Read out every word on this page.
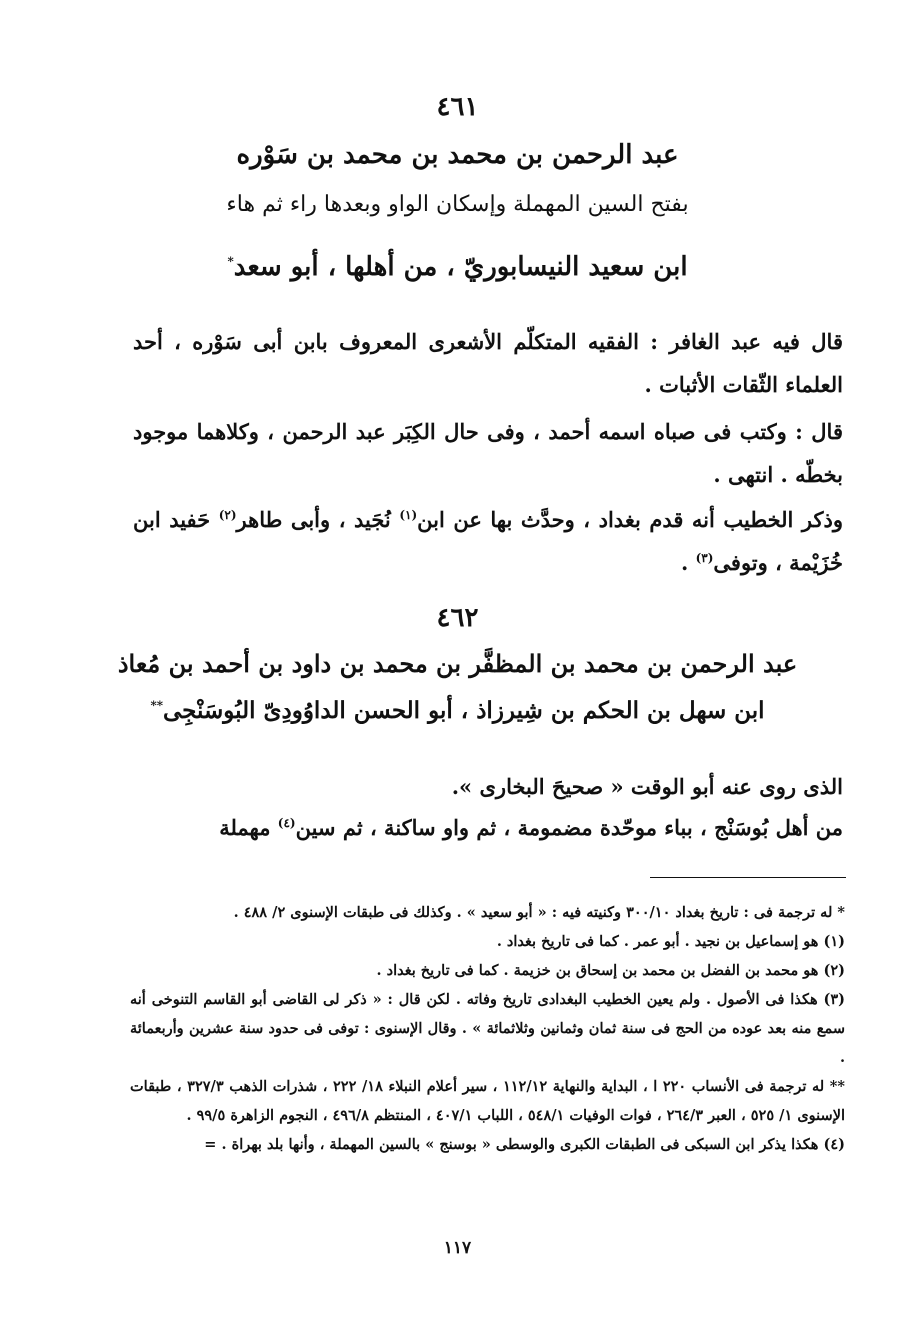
٤٦١
عبد الرحمن بن محمد بن محمد بن سَوْره
بفتح السين المهملة وإسكان الواو وبعدها راء ثم هاء
ابن سعيد النيسابوريّ ، من أهلها ، أبو سعد*
قال فيه عبد الغافر : الفقيه المتكلّم الأشعرى المعروف بابن أبى سَوْره ، أحد العلماء الثّقات الأثبات .
قال : وكتب فى صباه اسمه أحمد ، وفى حال الكِبَر عبد الرحمن ، وكلاهما موجود بخطّه . انتهى .
وذكر الخطيب أنه قدم بغداد ، وحدَّث بها عن ابن$^{(١)}$ نُجَيد ، وأبى طاهر$^{(٢)}$ حَفيد ابن خُزَيْمة ، وتوفى$^{(٣)}$ .
٤٦٢
عبد الرحمن بن محمد بن المظفَّر بن محمد بن داود بن أحمد بن مُعاذ
ابن سهل بن الحكم بن شِيرزاذ ، أبو الحسن الداوُودِىّ البُوسَنْجِى**
الذى روى عنه أبو الوقت « صحيحَ البخارى ».
من أهل بُوسَنْج ، بباء موحّدة مضمومة ، ثم واو ساكنة ، ثم سين$^{(٤)}$ مهملة

* له ترجمة فى : تاريخ بغداد ٣٠٠/١٠ وكنيته فيه : « أبو سعيد » . وكذلك فى طبقات الإسنوى ٢/ ٤٨٨ .

(١) هو إسماعيل بن نجيد . أبو عمر . كما فى تاريخ بغداد .

(٢) هو محمد بن الفضل بن محمد بن إسحاق بن خزيمة . كما فى تاريخ بغداد .

(٣) هكذا فى الأصول . ولم يعين الخطيب البغدادى تاريخ وفاته . لكن قال : « ذكر لى القاضى أبو القاسم التنوخى أنه سمع منه بعد عوده من الحج فى سنة ثمان وثمانين وثلاثمائة » . وقال الإسنوى : توفى فى حدود سنة عشرين وأربعمائة .

** له ترجمة فى الأنساب ٢٢٠ ا ، البداية والنهاية ١١٢/١٢ ، سير أعلام النبلاء ١٨/ ٢٢٢ ، شذرات الذهب ٣٢٧/٣ ، طبقات الإسنوى ١/ ٥٢٥ ، العبر ٢٦٤/٣ ، فوات الوفيات ٥٤٨/١ ، اللباب ٤٠٧/١ ، المنتظم ٤٩٦/٨ ، النجوم الزاهرة ٩٩/٥ .

(٤) هكذا يذكر ابن السبكى فى الطبقات الكبرى والوسطى « بوسنج » بالسين المهملة ، وأنها بلد بهراة . =

١١٧
